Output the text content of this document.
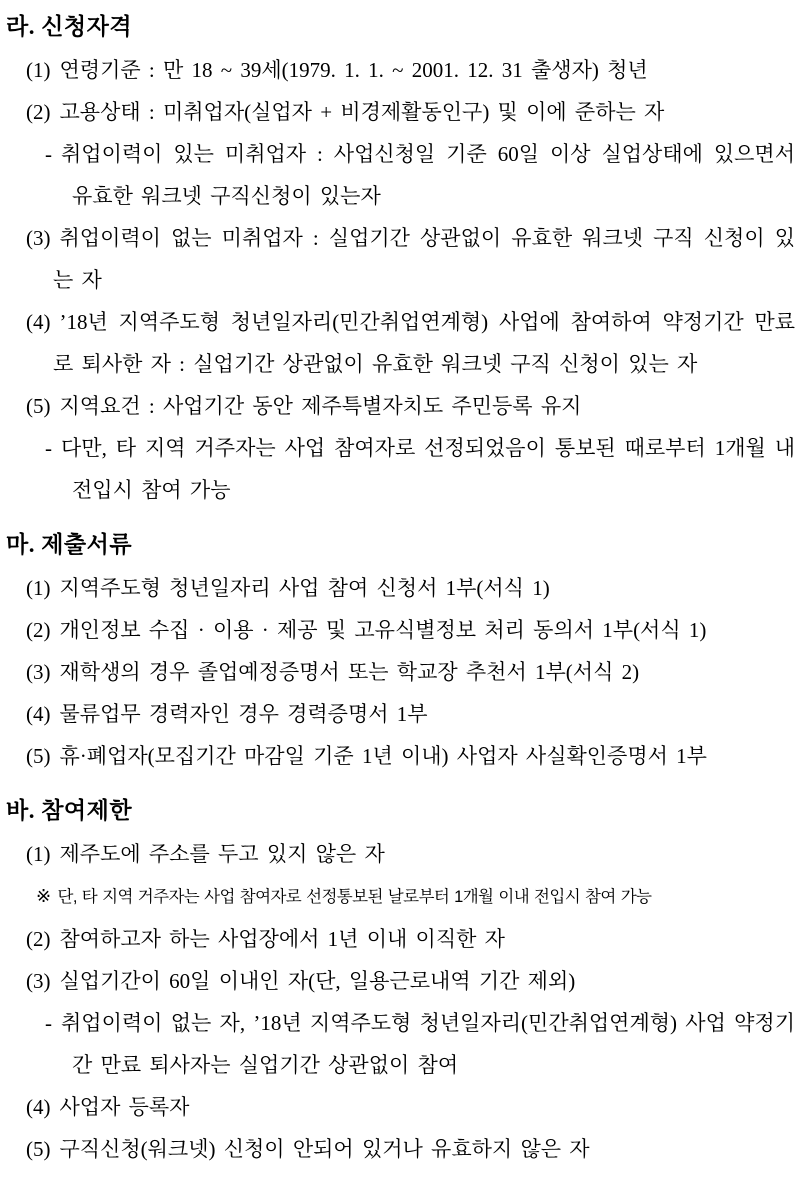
라. 신청자격

(1) 연령기준 : 만 18 ~ 39세(1979. 1. 1. ~ 2001. 12. 31 출생자) 청년

(2) 고용상태 : 미취업자(실업자 + 비경제활동인구) 및 이에 준하는 자

- 취업이력이 있는 미취업자 : 사업신청일 기준 60일 이상 실업상태에 있으면서 유효한 워크넷 구직신청이 있는자

(3) 취업이력이 없는 미취업자 : 실업기간 상관없이 유효한 워크넷 구직 신청이 있는 자

(4) ’18년 지역주도형 청년일자리(민간취업연계형) 사업에 참여하여 약정기간 만료로 퇴사한 자 : 실업기간 상관없이 유효한 워크넷 구직 신청이 있는 자

(5) 지역요건 : 사업기간 동안 제주특별자치도 주민등록 유지

- 다만, 타 지역 거주자는 사업 참여자로 선정되었음이 통보된 때로부터 1개월 내 전입시 참여 가능

마. 제출서류

(1) 지역주도형 청년일자리 사업 참여 신청서 1부(서식 1)

(2) 개인정보 수집 · 이용 · 제공 및 고유식별정보 처리 동의서 1부(서식 1)

(3) 재학생의 경우 졸업예정증명서 또는 학교장 추천서 1부(서식 2)

(4) 물류업무 경력자인 경우 경력증명서 1부

(5) 휴·폐업자(모집기간 마감일 기준 1년 이내) 사업자 사실확인증명서 1부

바. 참여제한

(1) 제주도에 주소를 두고 있지 않은 자

※ 단, 타 지역 거주자는 사업 참여자로 선정통보된 날로부터 1개월 이내 전입시 참여 가능

(2) 참여하고자 하는 사업장에서 1년 이내 이직한 자

(3) 실업기간이 60일 이내인 자(단, 일용근로내역 기간 제외)

- 취업이력이 없는 자, ’18년 지역주도형 청년일자리(민간취업연계형) 사업 약정기간 만료 퇴사자는 실업기간 상관없이 참여

(4) 사업자 등록자

(5) 구직신청(워크넷) 신청이 안되어 있거나 유효하지 않은 자
